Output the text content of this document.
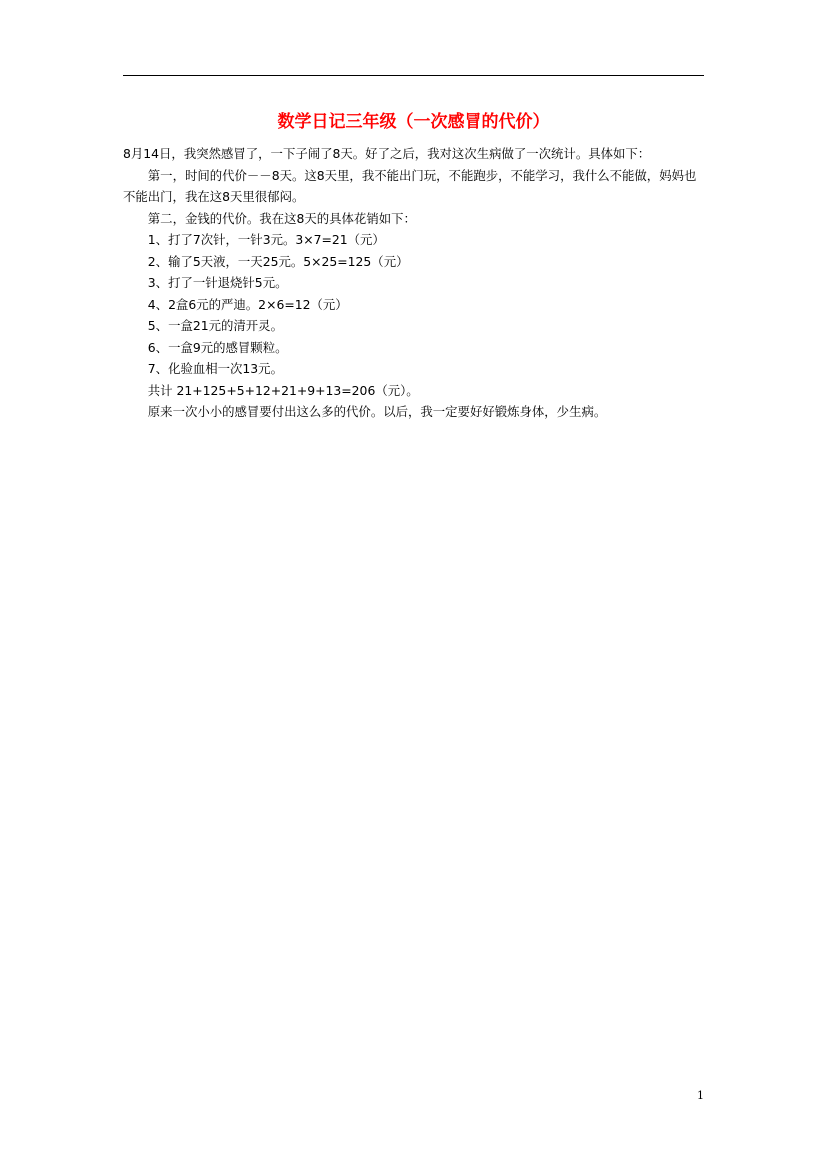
数学日记三年级（一次感冒的代价）

8月14日，我突然感冒了，一下子闹了8天。好了之后，我对这次生病做了一次统计。具体如下：

第一，时间的代价－－8天。这8天里，我不能出门玩，不能跑步，不能学习，我什么不能做，妈妈也不能出门，我在这8天里很郁闷。

第二，金钱的代价。我在这8天的具体花销如下：

1、打了7次针，一针3元。3×7=21（元）

2、输了5天液，一天25元。5×25=125（元）

3、打了一针退烧针5元。

4、2盒6元的严迪。2×6=12（元）

5、一盒21元的清开灵。

6、一盒9元的感冒颗粒。

7、化验血相一次13元。

共计 21+125+5+12+21+9+13=206（元）。

原来一次小小的感冒要付出这么多的代价。以后，我一定要好好锻炼身体，少生病。

1
